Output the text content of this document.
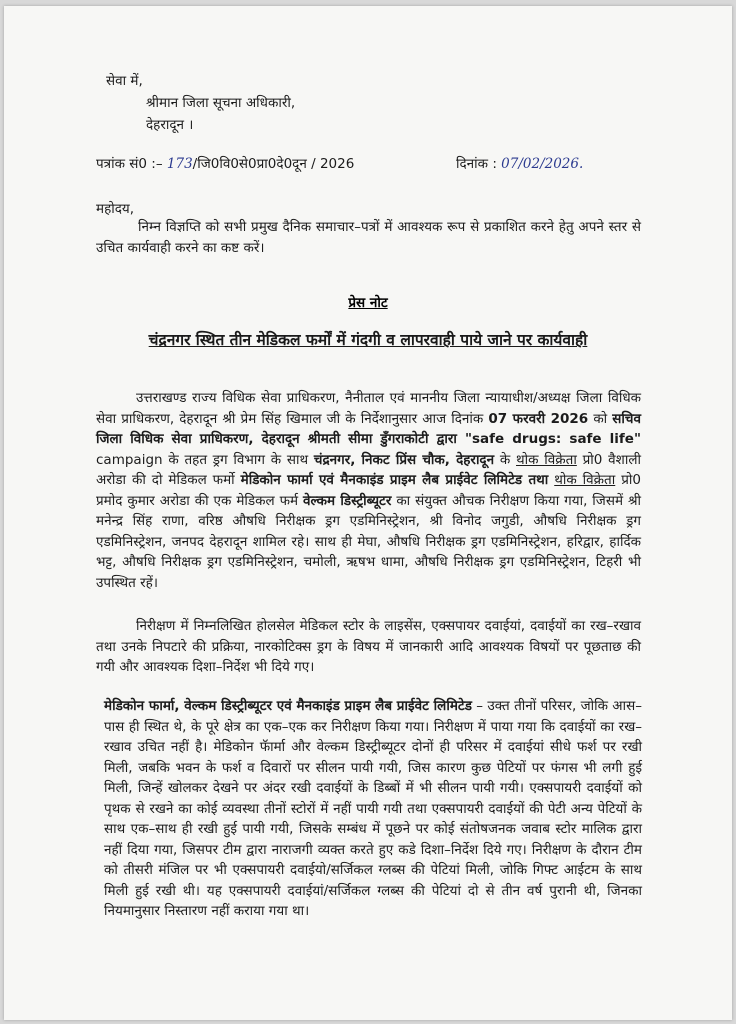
सेवा में,
श्रीमान जिला सूचना अधिकारी,
देहरादून ।
पत्रांक सं0 :– 173/जि0वि0से0प्रा0दे0दून / 2026	दिनांक : 07/02/2026.
महोदय,

निम्न विज्ञप्ति को सभी प्रमुख दैनिक समाचार–पत्रों में आवश्यक रूप से प्रकाशित करने हेतु अपने स्तर से उचित कार्यवाही करने का कष्ट करें।

प्रेस नोट
चंद्रनगर स्थित तीन मेडिकल फर्मों में गंदगी व लापरवाही पाये जाने पर कार्यवाही

उत्तराखण्ड राज्य विधिक सेवा प्राधिकरण, नैनीताल एवं माननीय जिला न्यायाधीश/अध्यक्ष जिला विधिक सेवा प्राधिकरण, देहरादून श्री प्रेम सिंह खिमाल जी के निर्देशानुसार आज दिनांक 07 फरवरी 2026 को सचिव जिला विधिक सेवा प्राधिकरण, देहरादून श्रीमती सीमा डुँगराकोटी द्वारा "safe drugs: safe life" campaign के तहत ड्रग विभाग के साथ चंद्रनगर, निकट प्रिंस चौक, देहरादून के थोक विक्रेता प्रो0 वैशाली अरोडा की दो मेडिकल फर्मो मेडिकोन फार्मा एवं मैनकाइंड प्राइम लैब प्राईवेट लिमिटेड तथा थोक विक्रेता प्रो0 प्रमोद कुमार अरोडा की एक मेडिकल फर्म वेल्कम डिस्ट्रीब्यूटर का संयुक्त औचक निरीक्षण किया गया, जिसमें श्री मनेन्द्र सिंह राणा, वरिष्ठ औषधि निरीक्षक ड्रग एडमिनिस्ट्रेशन, श्री विनोद जगुडी, औषधि निरीक्षक ड्रग एडमिनिस्ट्रेशन, जनपद देहरादून शामिल रहे। साथ ही मेघा, औषधि निरीक्षक ड्रग एडमिनिस्ट्रेशन, हरिद्वार, हार्दिक भट्ट, औषधि निरीक्षक ड्रग एडमिनिस्ट्रेशन, चमोली, ऋषभ धामा, औषधि निरीक्षक ड्रग एडमिनिस्ट्रेशन, टिहरी भी उपस्थित रहें।

निरीक्षण में निम्नलिखित होलसेल मेडिकल स्टोर के लाइसेंस, एक्सपायर दवाईयां, दवाईयों का रख–रखाव तथा उनके निपटारे की प्रक्रिया, नारकोटिक्स ड्रग के विषय में जानकारी आदि आवश्यक विषयों पर पूछताछ की गयी और आवश्यक दिशा–निर्देश भी दिये गए।

मेडिकोन फार्मा, वेल्कम डिस्ट्रीब्यूटर एवं मैनकाइंड प्राइम लैब प्राईवेट लिमिटेड – उक्त तीनों परिसर, जोकि आस–पास ही स्थित थे, के पूरे क्षेत्र का एक–एक कर निरीक्षण किया गया। निरीक्षण में पाया गया कि दवाईयों का रख–रखाव उचित नहीं है। मेडिकोन फॅार्मा और वेल्कम डिस्ट्रीब्यूटर दोनों ही परिसर में दवाईयां सीधे फर्श पर रखी मिली, जबकि भवन के फर्श व दिवारों पर सीलन पायी गयी, जिस कारण कुछ पेटियों पर फंगस भी लगी हुई मिली, जिन्हें खोलकर देखने पर अंदर रखी दवाईयों के डिब्बों में भी सीलन पायी गयी। एक्सपायरी दवाईयों को पृथक से रखने का कोई व्यवस्था तीनों स्टोरों में नहीं पायी गयी तथा एक्सपायरी दवाईयों की पेटी अन्य पेटियों के साथ एक–साथ ही रखी हुई पायी गयी, जिसके सम्बंध में पूछने पर कोई संतोषजनक जवाब स्टोर मालिक द्वारा नहीं दिया गया, जिसपर टीम द्वारा नाराजगी व्यक्त करते हुए कडे दिशा–निर्देश दिये गए। निरीक्षण के दौरान टीम को तीसरी मंजिल पर भी एक्सपायरी दवाईयो/सर्जिकल ग्लब्स की पेटियां मिली, जोकि गिफ्ट आईटम के साथ मिली हुई रखी थी। यह एक्सपायरी दवाईयां/सर्जिकल ग्लब्स की पेटियां दो से तीन वर्ष पुरानी थी, जिनका नियमानुसार निस्तारण नहीं कराया गया था।
